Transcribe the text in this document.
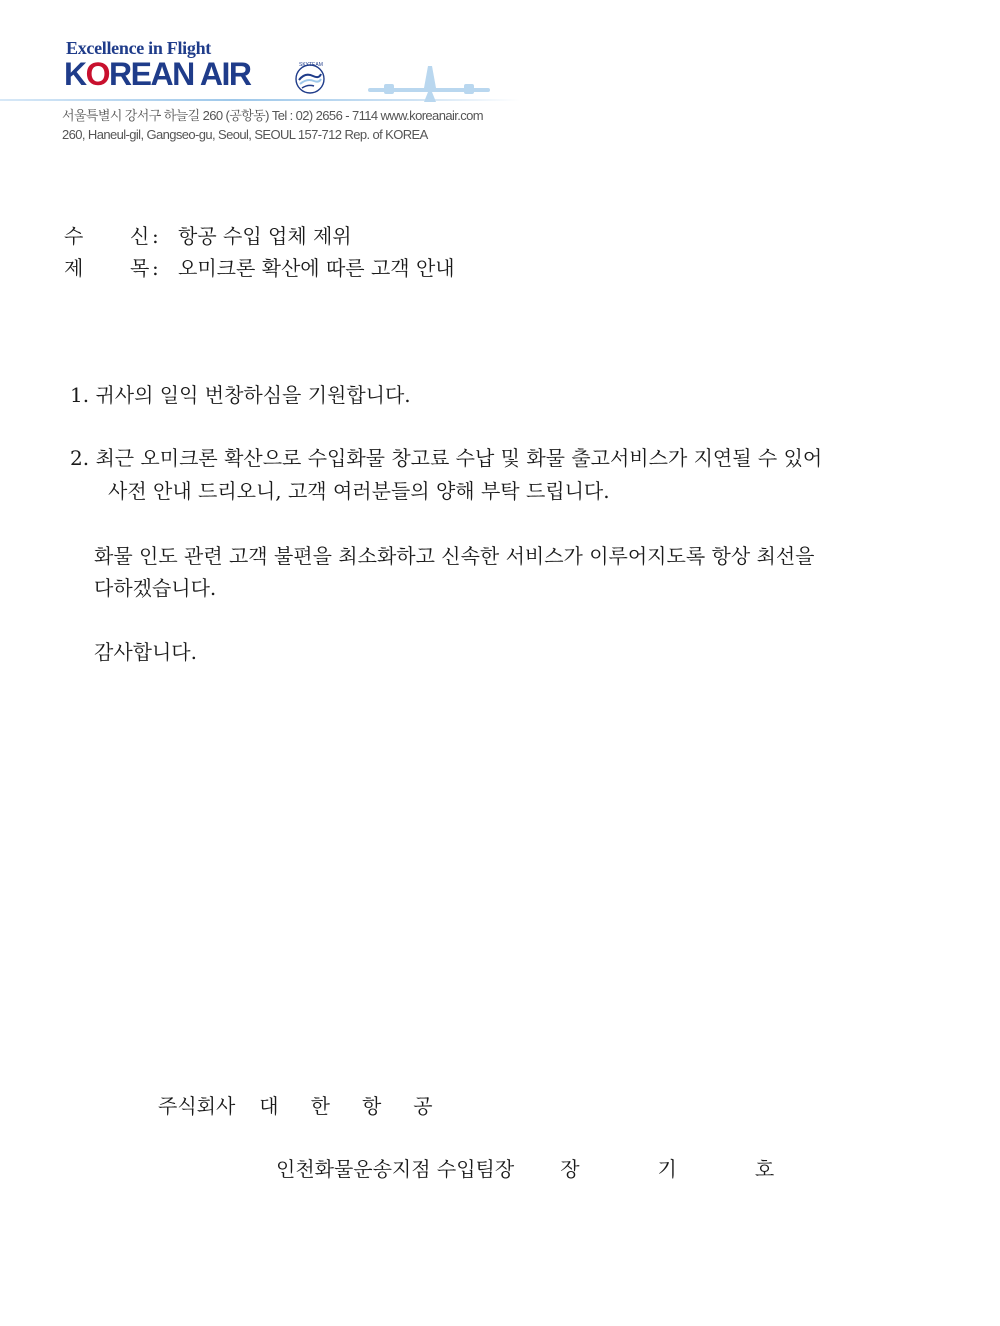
Excellence in Flight
KOREAN AIR	SKYTEAM
서울특별시 강서구 하늘길 260 (공항동) Tel : 02) 2656 - 7114 www.koreanair.com
260, Haneul-gil, Gangseo-gu, Seoul, SEOUL 157-712 Rep. of KOREA
수 신 : 항공 수입 업체 제위
제 목 : 오미크론 확산에 따른 고객 안내
1. 귀사의 일익 번창하심을 기원합니다.
2. 최근 오미크론 확산으로 수입화물 창고료 수납 및 화물 출고서비스가 지연될 수 있어
사전 안내 드리오니, 고객 여러분들의 양해 부탁 드립니다.
화물 인도 관련 고객 불편을 최소화하고 신속한 서비스가 이루어지도록 항상 최선을
다하겠습니다.
감사합니다.
주식회사 대 한 항 공
인천화물운송지점 수입팀장 장	기	호
